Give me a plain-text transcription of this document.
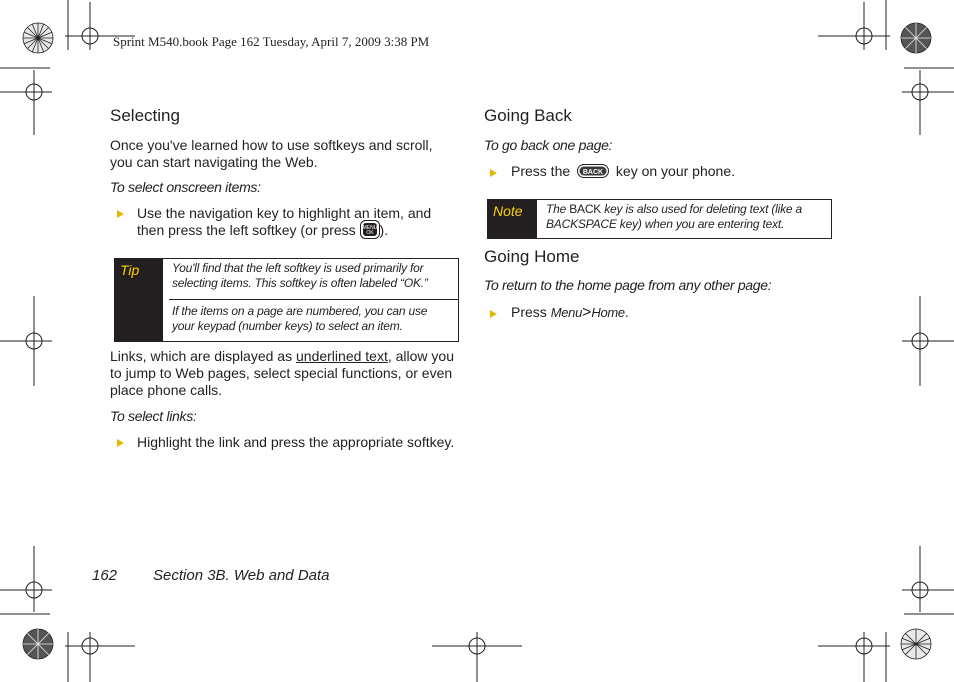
Sprint M540.book Page 162 Tuesday, April 7, 2009 3:38 PM
Selecting
Once you've learned how to use softkeys and scroll,
you can start navigating the Web.
To select onscreen items:
Use the navigation key to highlight an item, and
then press the left softkey (or press MENU
OK ).
Tip	You'll find that the left softkey is used primarily for
selecting items. This softkey is often labeled “OK.”
If the items on a page are numbered, you can use
your keypad (number keys) to select an item.
Links, which are displayed as underlined text, allow you
to jump to Web pages, select special functions, or even
place phone calls.
To select links:
Highlight the link and press the appropriate softkey.
Going Back
To go back one page:
Press the BACK key on your phone.
Note The BACK key is also used for deleting text (like a
BACKSPACE key) when you are entering text.
Going Home
To return to the home page from any other page:
Press Menu>Home.
162 Section 3B. Web and Data
